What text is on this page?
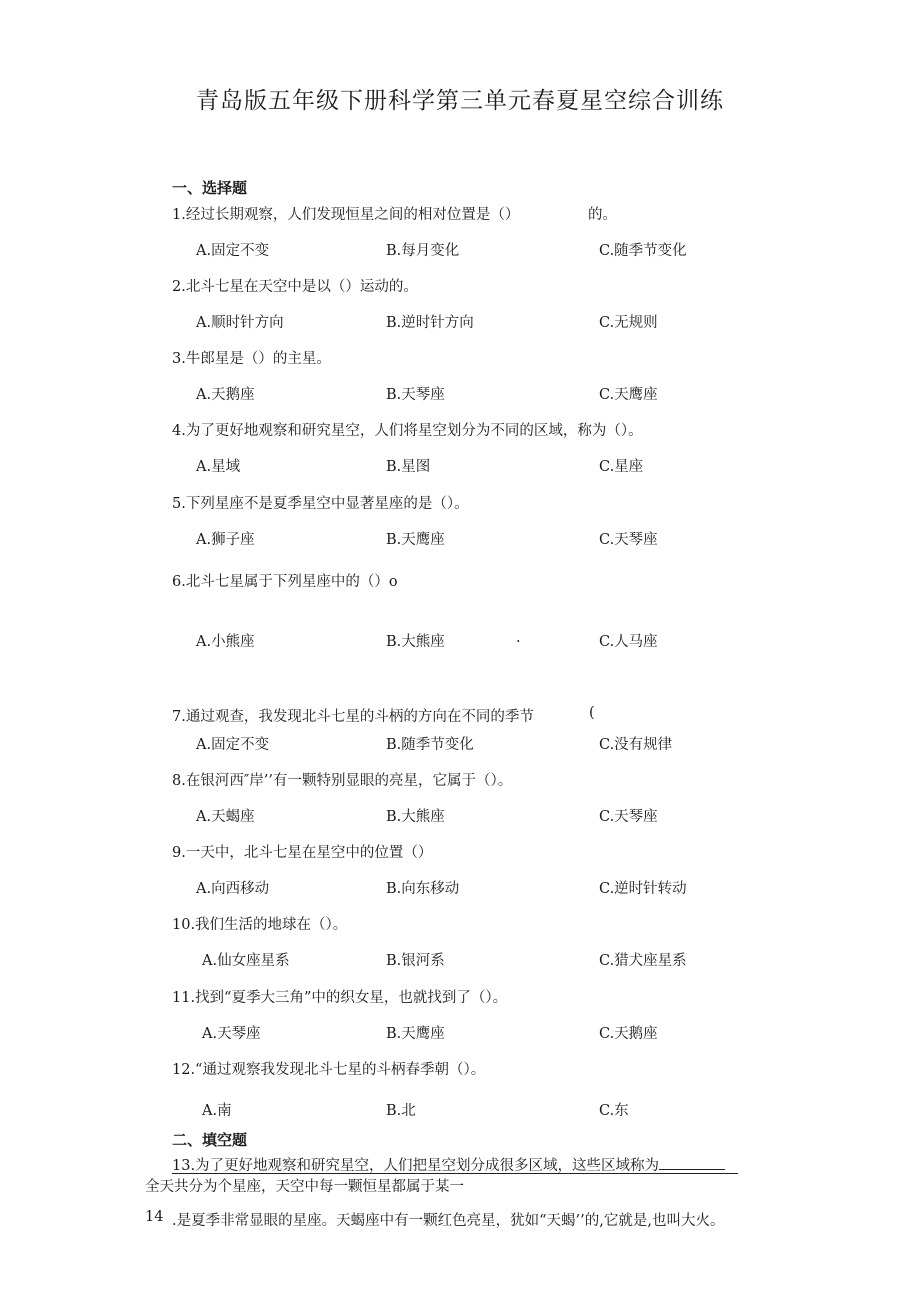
青岛版五年级下册科学第三单元春夏星空综合训练
一、选择题
1.经过长期观察，人们发现恒星之间的相对位置是（）	的。
A.固定不变	B.每月变化	C.随季节变化
2.北斗七星在天空中是以（）运动的。
A.顺时针方向	B.逆时针方向	C.无规则
3.牛郎星是（）的主星。
A.天鹅座	B.天琴座	C.天鹰座
4.为了更好地观察和研究星空，人们将星空划分为不同的区域，称为（）。
A.星域	B.星图	C.星座
5.下列星座不是夏季星空中显著星座的是（）。
A.狮子座	B.天鹰座	C.天琴座
6.北斗七星属于下列星座中的（）o
A.小熊座	B.大熊座	.	C.人马座
7.通过观查，我发现北斗七星的斗柄的方向在不同的季节	(
A.固定不变	B.随季节变化	C.没有规律
8.在银河西″岸’’有一颗特别显眼的亮星，它属于（）。
A.天蝎座	B.大熊座	C.天琴座
9.一天中，北斗七星在星空中的位置（）
A.向西移动	B.向东移动	C.逆时针转动
10.我们生活的地球在（）。
A.仙女座星系	B.银河系	C.猎犬座星系
11.找到“夏季大三角”中的织女星，也就找到了（）。
A.天琴座	B.天鹰座	C.天鹅座
12.“通过观察我发现北斗七星的斗柄春季朝（）。
A.南	B.北	C.东
二、填空题
13.为了更好地观察和研究星空，人们把星空划分成很多区域，这些区域称为
全天共分为个星座，天空中每一颗恒星都属于某一
14 .是夏季非常显眼的星座。天蝎座中有一颗红色亮星，犹如“天蝎’’的,它就是,也叫大火。
